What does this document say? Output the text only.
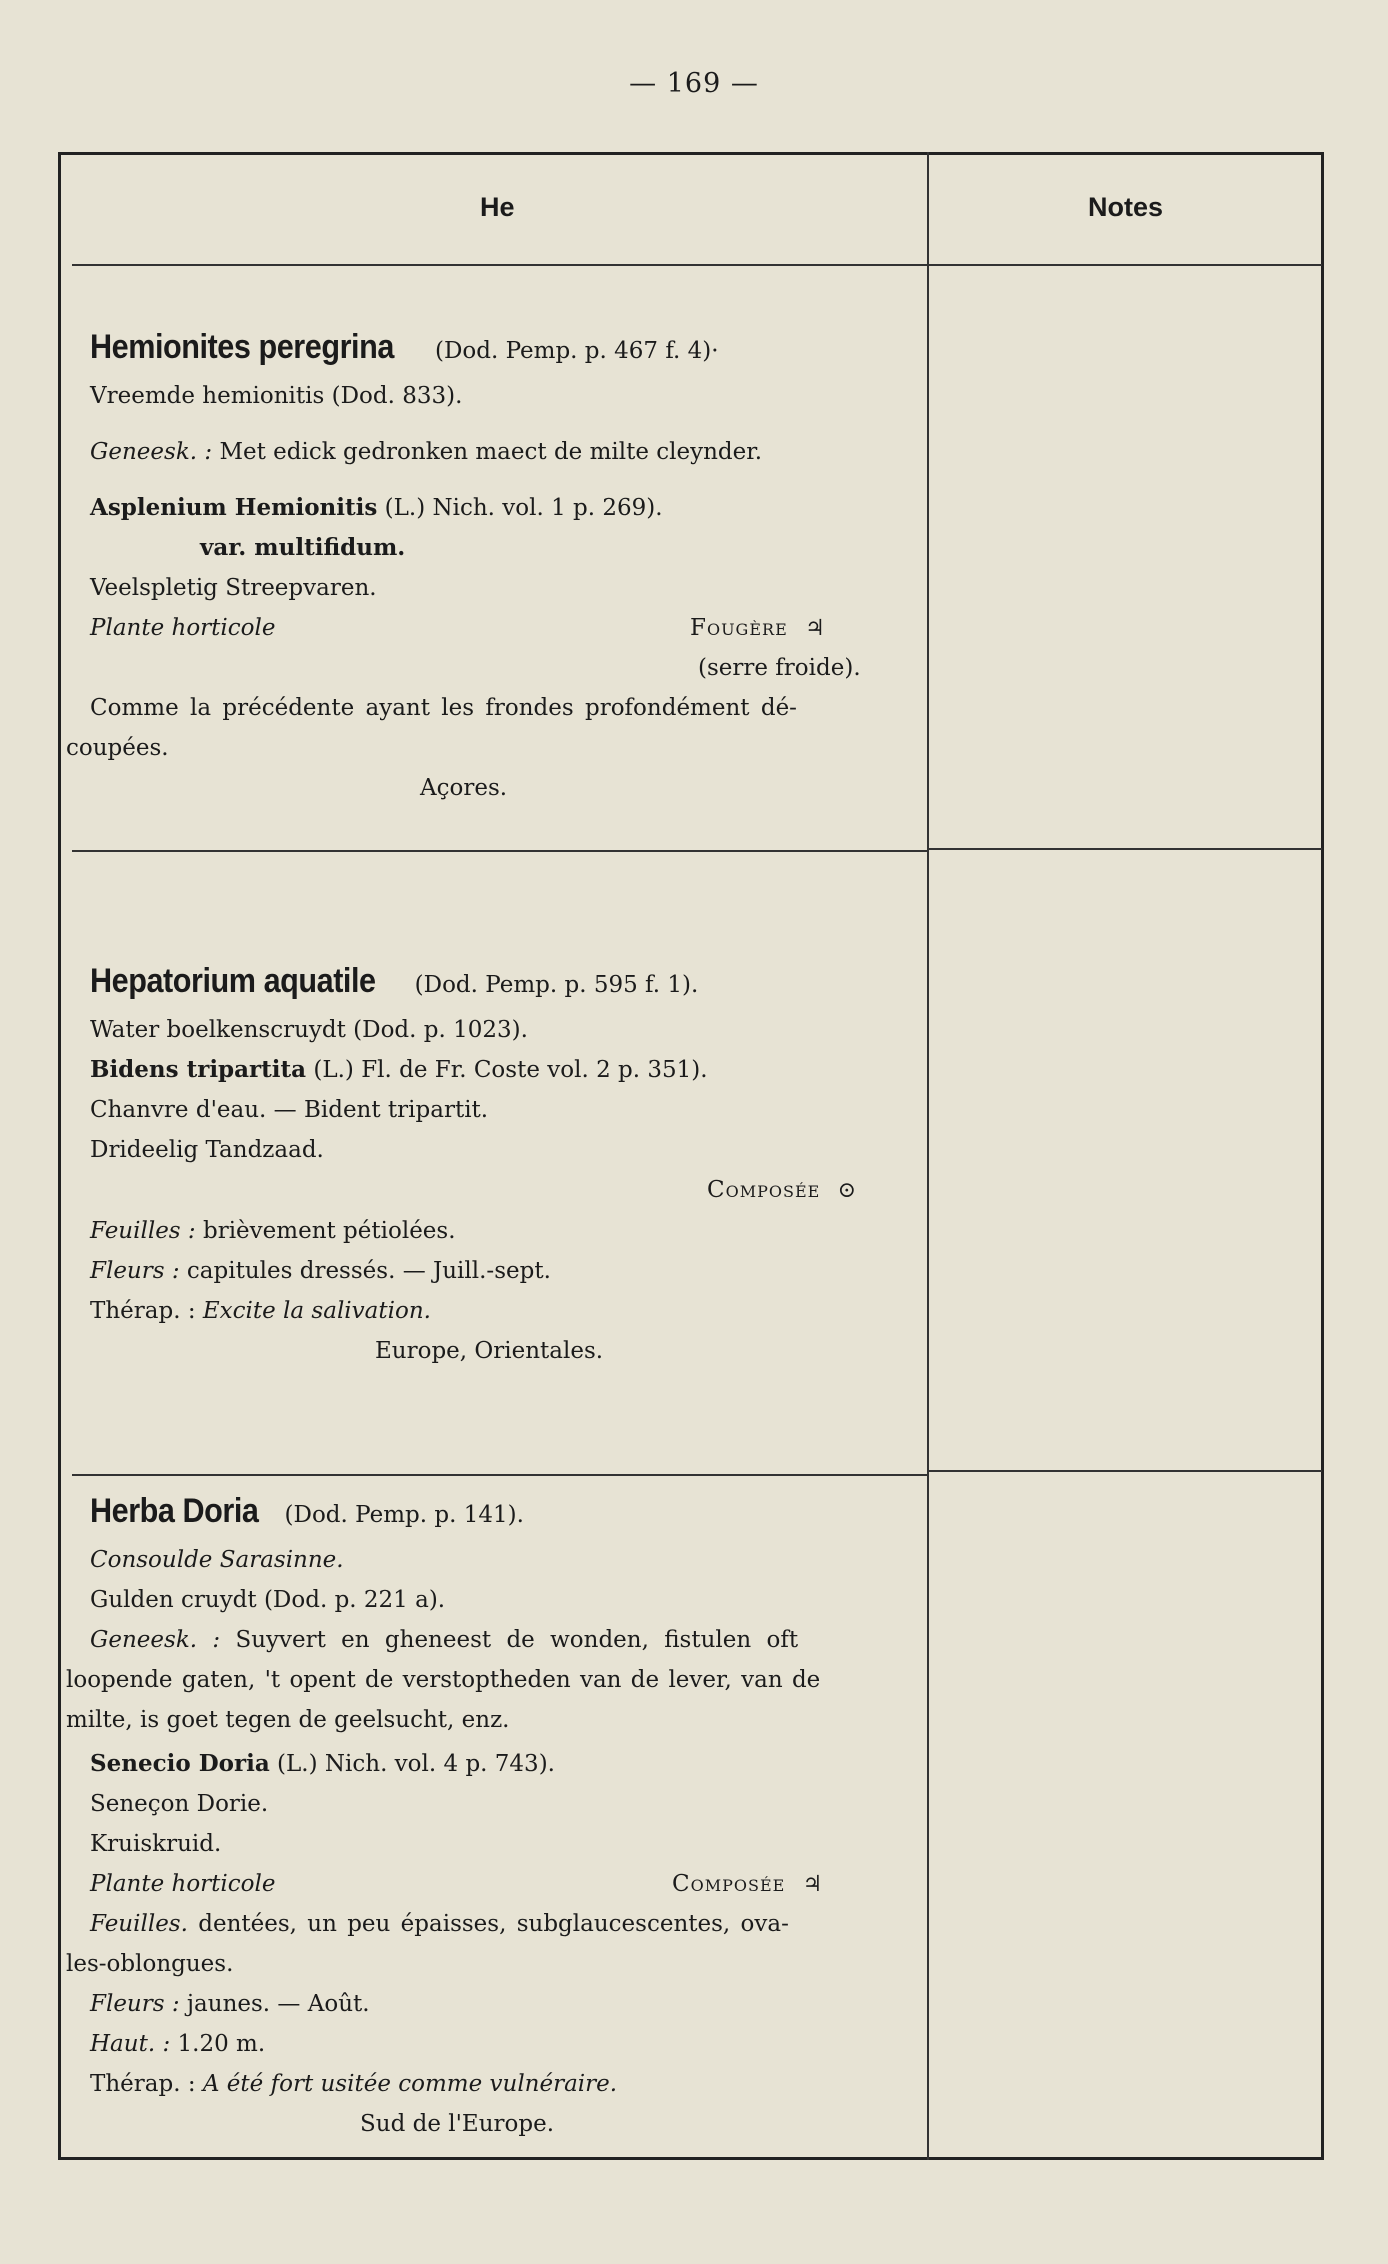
— 169 —
He	Notes
Hemionites peregrina (Dod. Pemp. p. 467 f. 4)·
Vreemde hemionitis (Dod. 833).
Geneesk. : Met edick gedronken maect de milte cleynder.
Asplenium Hemionitis (L.) Nich. vol. 1 p. 269).
var. multifidum.
Veelspletig Streepvaren.
Plante horticole	Fougère ♃
(serre froide).
Comme la précédente ayant les frondes profondément dé-
coupées.
Açores.
Hepatorium aquatile (Dod. Pemp. p. 595 f. 1).
Water boelkenscruydt (Dod. p. 1023).
Bidens tripartita (L.) Fl. de Fr. Coste vol. 2 p. 351).
Chanvre d'eau. — Bident tripartit.
Drideelig Tandzaad.
Composée ⊙
Feuilles : brièvement pétiolées.
Fleurs : capitules dressés. — Juill.-sept.
Thérap. : Excite la salivation.
Europe, Orientales.
Herba Doria (Dod. Pemp. p. 141).
Consoulde Sarasinne.
Gulden cruydt (Dod. p. 221 a).
Geneesk. : Suyvert en gheneest de wonden, fistulen oft
loopende gaten, 't opent de verstoptheden van de lever, van de
milte, is goet tegen de geelsucht, enz.
Senecio Doria (L.) Nich. vol. 4 p. 743).
Seneçon Dorie.
Kruiskruid.
Plante horticole	Composée ♃
Feuilles. dentées, un peu épaisses, subglaucescentes, ova-
les-oblongues.
Fleurs : jaunes. — Août.
Haut. : 1.20 m.
Thérap. : A été fort usitée comme vulnéraire.
Sud de l'Europe.
